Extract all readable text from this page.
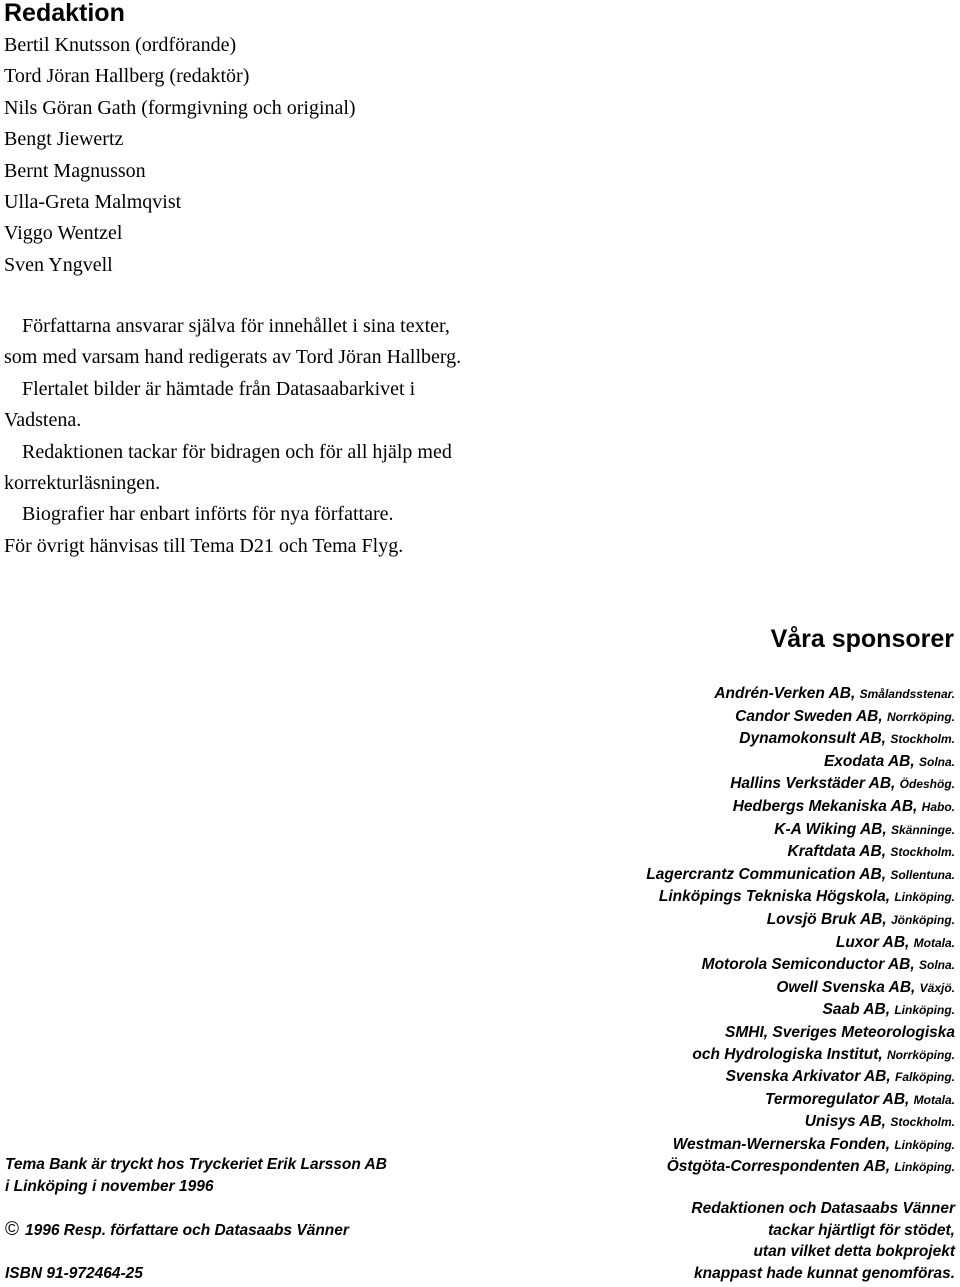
Redaktion
Bertil Knutsson (ordförande)
Tord Jöran Hallberg (redaktör)
Nils Göran Gath (formgivning och original)
Bengt Jiewertz
Bernt Magnusson
Ulla-Greta Malmqvist
Viggo Wentzel
Sven Yngvell

Författarna ansvarar själva för innehållet i sina texter, som med varsam hand redigerats av Tord Jöran Hallberg.

Flertalet bilder är hämtade från Datasaabarkivet i Vadstena.

Redaktionen tackar för bidragen och för all hjälp med korrekturläsningen.

Biografier har enbart införts för nya författare.

För övrigt hänvisas till Tema D21 och Tema Flyg.

Våra sponsorer
Andrén-Verken AB, Smålandsstenar.
Candor Sweden AB, Norrköping.
Dynamokonsult AB, Stockholm.
Exodata AB, Solna.
Hallins Verkstäder AB, Ödeshög.
Hedbergs Mekaniska AB, Habo.
K-A Wiking AB, Skänninge.
Kraftdata AB, Stockholm.
Lagercrantz Communication AB, Sollentuna.
Linköpings Tekniska Högskola, Linköping.
Lovsjö Bruk AB, Jönköping.
Luxor AB, Motala.
Motorola Semiconductor AB, Solna.
Owell Svenska AB, Växjö.
Saab AB, Linköping.
SMHI, Sveriges Meteorologiska
och Hydrologiska Institut, Norrköping.
Svenska Arkivator AB, Falköping.
Termoregulator AB, Motala.
Unisys AB, Stockholm.
Westman-Wernerska Fonden, Linköping.
Östgöta-Correspondenten AB, Linköping.
Redaktionen och Datasaabs Vänner
tackar hjärtligt för stödet,
utan vilket detta bokprojekt
knappast hade kunnat genomföras.
Tema Bank är tryckt hos Tryckeriet Erik Larsson AB
i Linköping i november 1996
© 1996 Resp. författare och Datasaabs Vänner
ISBN 91-972464-25
